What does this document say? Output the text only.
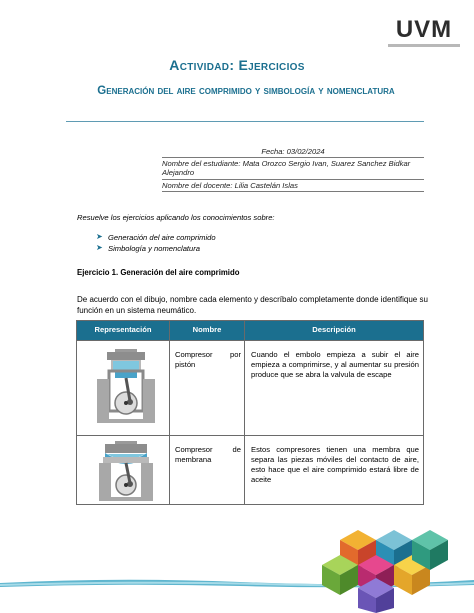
UVM
Actividad: Ejercicios
Generación del aire comprimido y simbología y nomenclatura
Fecha: 03/02/2024
Nombre del estudiante: Mata Orozco Sergio Ivan, Suarez Sanchez Bidkar Alejandro
Nombre del docente: Lilia Castelán Islas
Resuelve los ejercicios aplicando los conocimientos sobre:
➤ Generación del aire comprimido
➤ Simbología y nomenclatura
Ejercicio 1. Generación del aire comprimido
De acuerdo con el dibujo, nombre cada elemento y descríbalo completamente donde identifique su función en un sistema neumático.
Representación	Nombre	Descripción
Compresor por
pistón
Cuando el embolo empieza a subir el aire empieza a comprimirse, y al aumentar su presión produce que se abra la valvula de escape
Compresor de
membrana
Estos compresores tienen una membra que separa las piezas móviles del contacto de aire, esto hace que el aire comprimido estará libre de aceite
